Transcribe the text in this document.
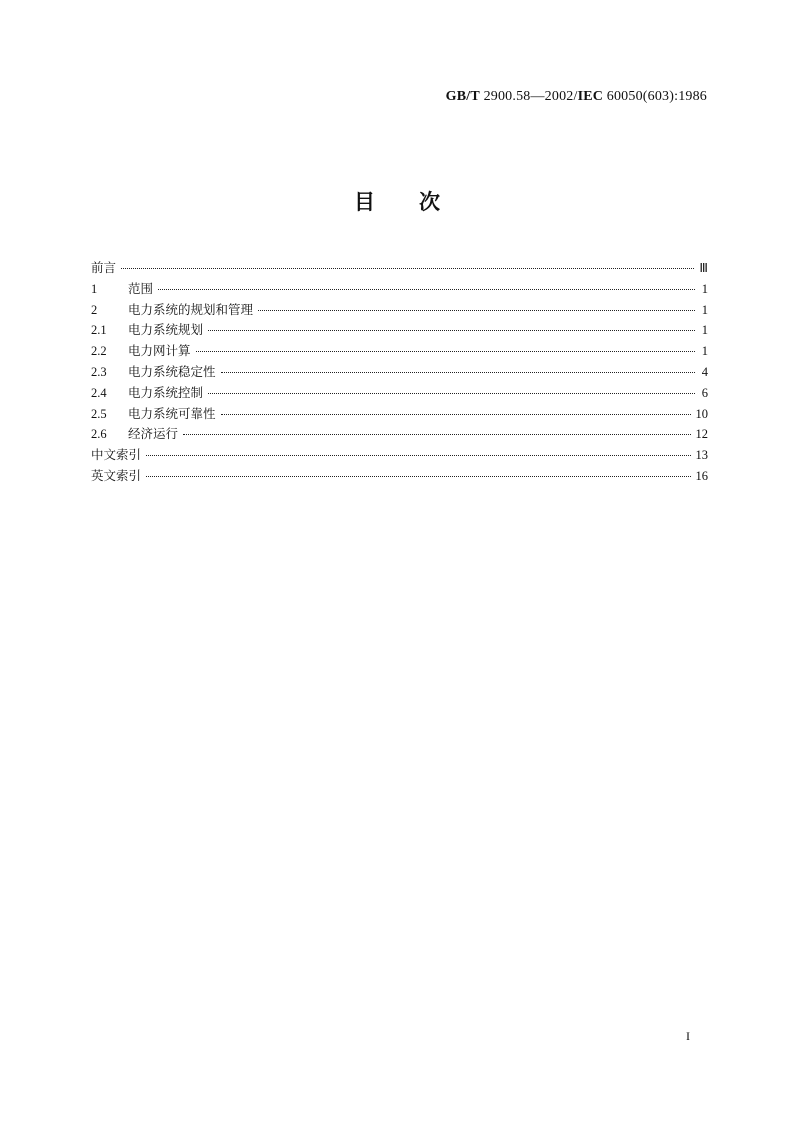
GB/T 2900.58—2002/IEC 60050(603):1986
目次
前言	Ⅲ
1	范围	1
2	电力系统的规划和管理	1
2.1	电力系统规划	1
2.2	电力网计算	1
2.3	电力系统稳定性	4
2.4	电力系统控制	6
2.5	电力系统可靠性	10
2.6	经济运行	12
中文索引	13
英文索引	16
I
